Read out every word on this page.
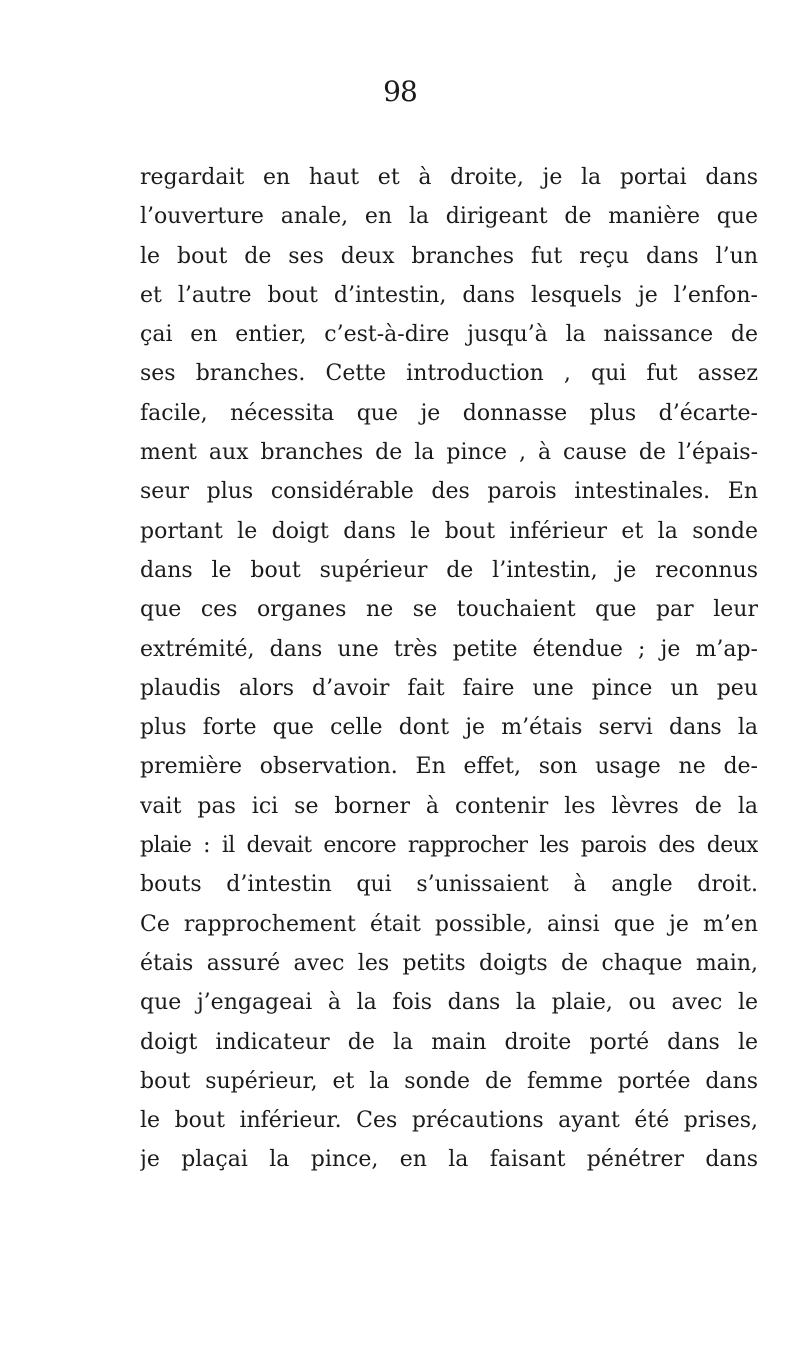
98
regardait en haut et à droite, je la portai dans
l’ouverture anale, en la dirigeant de manière que
le bout de ses deux branches fut reçu dans l’un
et l’autre bout d’intestin, dans lesquels je l’enfon-
çai en entier, c’est-à-dire jusqu’à la naissance de
ses branches. Cette introduction , qui fut assez
facile, nécessita que je donnasse plus d’écarte-
ment aux branches de la pince , à cause de l’épais-
seur plus considérable des parois intestinales. En
portant le doigt dans le bout inférieur et la sonde
dans le bout supérieur de l’intestin, je reconnus
que ces organes ne se touchaient que par leur
extrémité, dans une très petite étendue ; je m’ap-
plaudis alors d’avoir fait faire une pince un peu
plus forte que celle dont je m’étais servi dans la
première observation. En effet, son usage ne de-
vait pas ici se borner à contenir les lèvres de la
plaie : il devait encore rapprocher les parois des deux
bouts d’intestin qui s’unissaient à angle droit.
Ce rapprochement était possible, ainsi que je m’en
étais assuré avec les petits doigts de chaque main,
que j’engageai à la fois dans la plaie, ou avec le
doigt indicateur de la main droite porté dans le
bout supérieur, et la sonde de femme portée dans
le bout inférieur. Ces précautions ayant été prises,
je plaçai la pince, en la faisant pénétrer dans
